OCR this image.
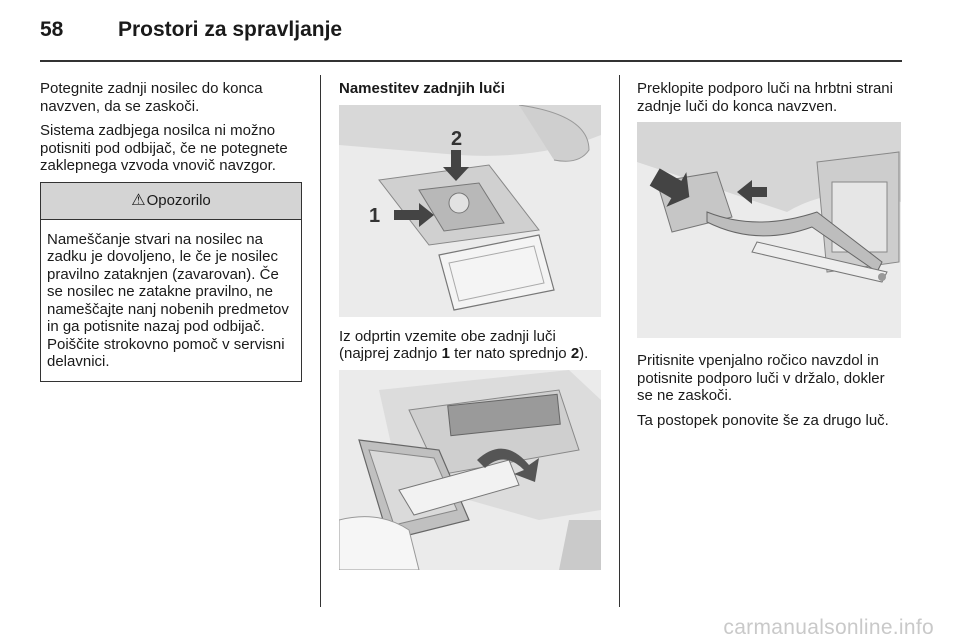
58	Prostori za spravljanje

Potegnite zadnji nosilec do konca navzven, da se zaskoči.

Sistema zadbjega nosilca ni možno potisniti pod odbijač, če ne potegnete zaklepnega vzvoda vnovič navzgor.

⚠ Opozorilo
Nameščanje stvari na nosilec na zadku je dovoljeno, le če je nosilec pravilno zataknjen (zavarovan). Če se nosilec ne zatakne pravilno, ne nameščajte nanj nobenih predmetov in ga potisnite nazaj pod odbijač. Poiščite strokovno pomoč v servisni delavnici.
Namestitev zadnjih luči
1
2

Iz odprtin vzemite obe zadnji luči (najprej zadnjo 1 ter nato sprednjo 2).

Preklopite podporo luči na hrbtni strani zadnje luči do konca navzven.

Pritisnite vpenjalno ročico navzdol in potisnite podporo luči v držalo, dokler se ne zaskoči.

Ta postopek ponovite še za drugo luč.

carmanualsonline.info
